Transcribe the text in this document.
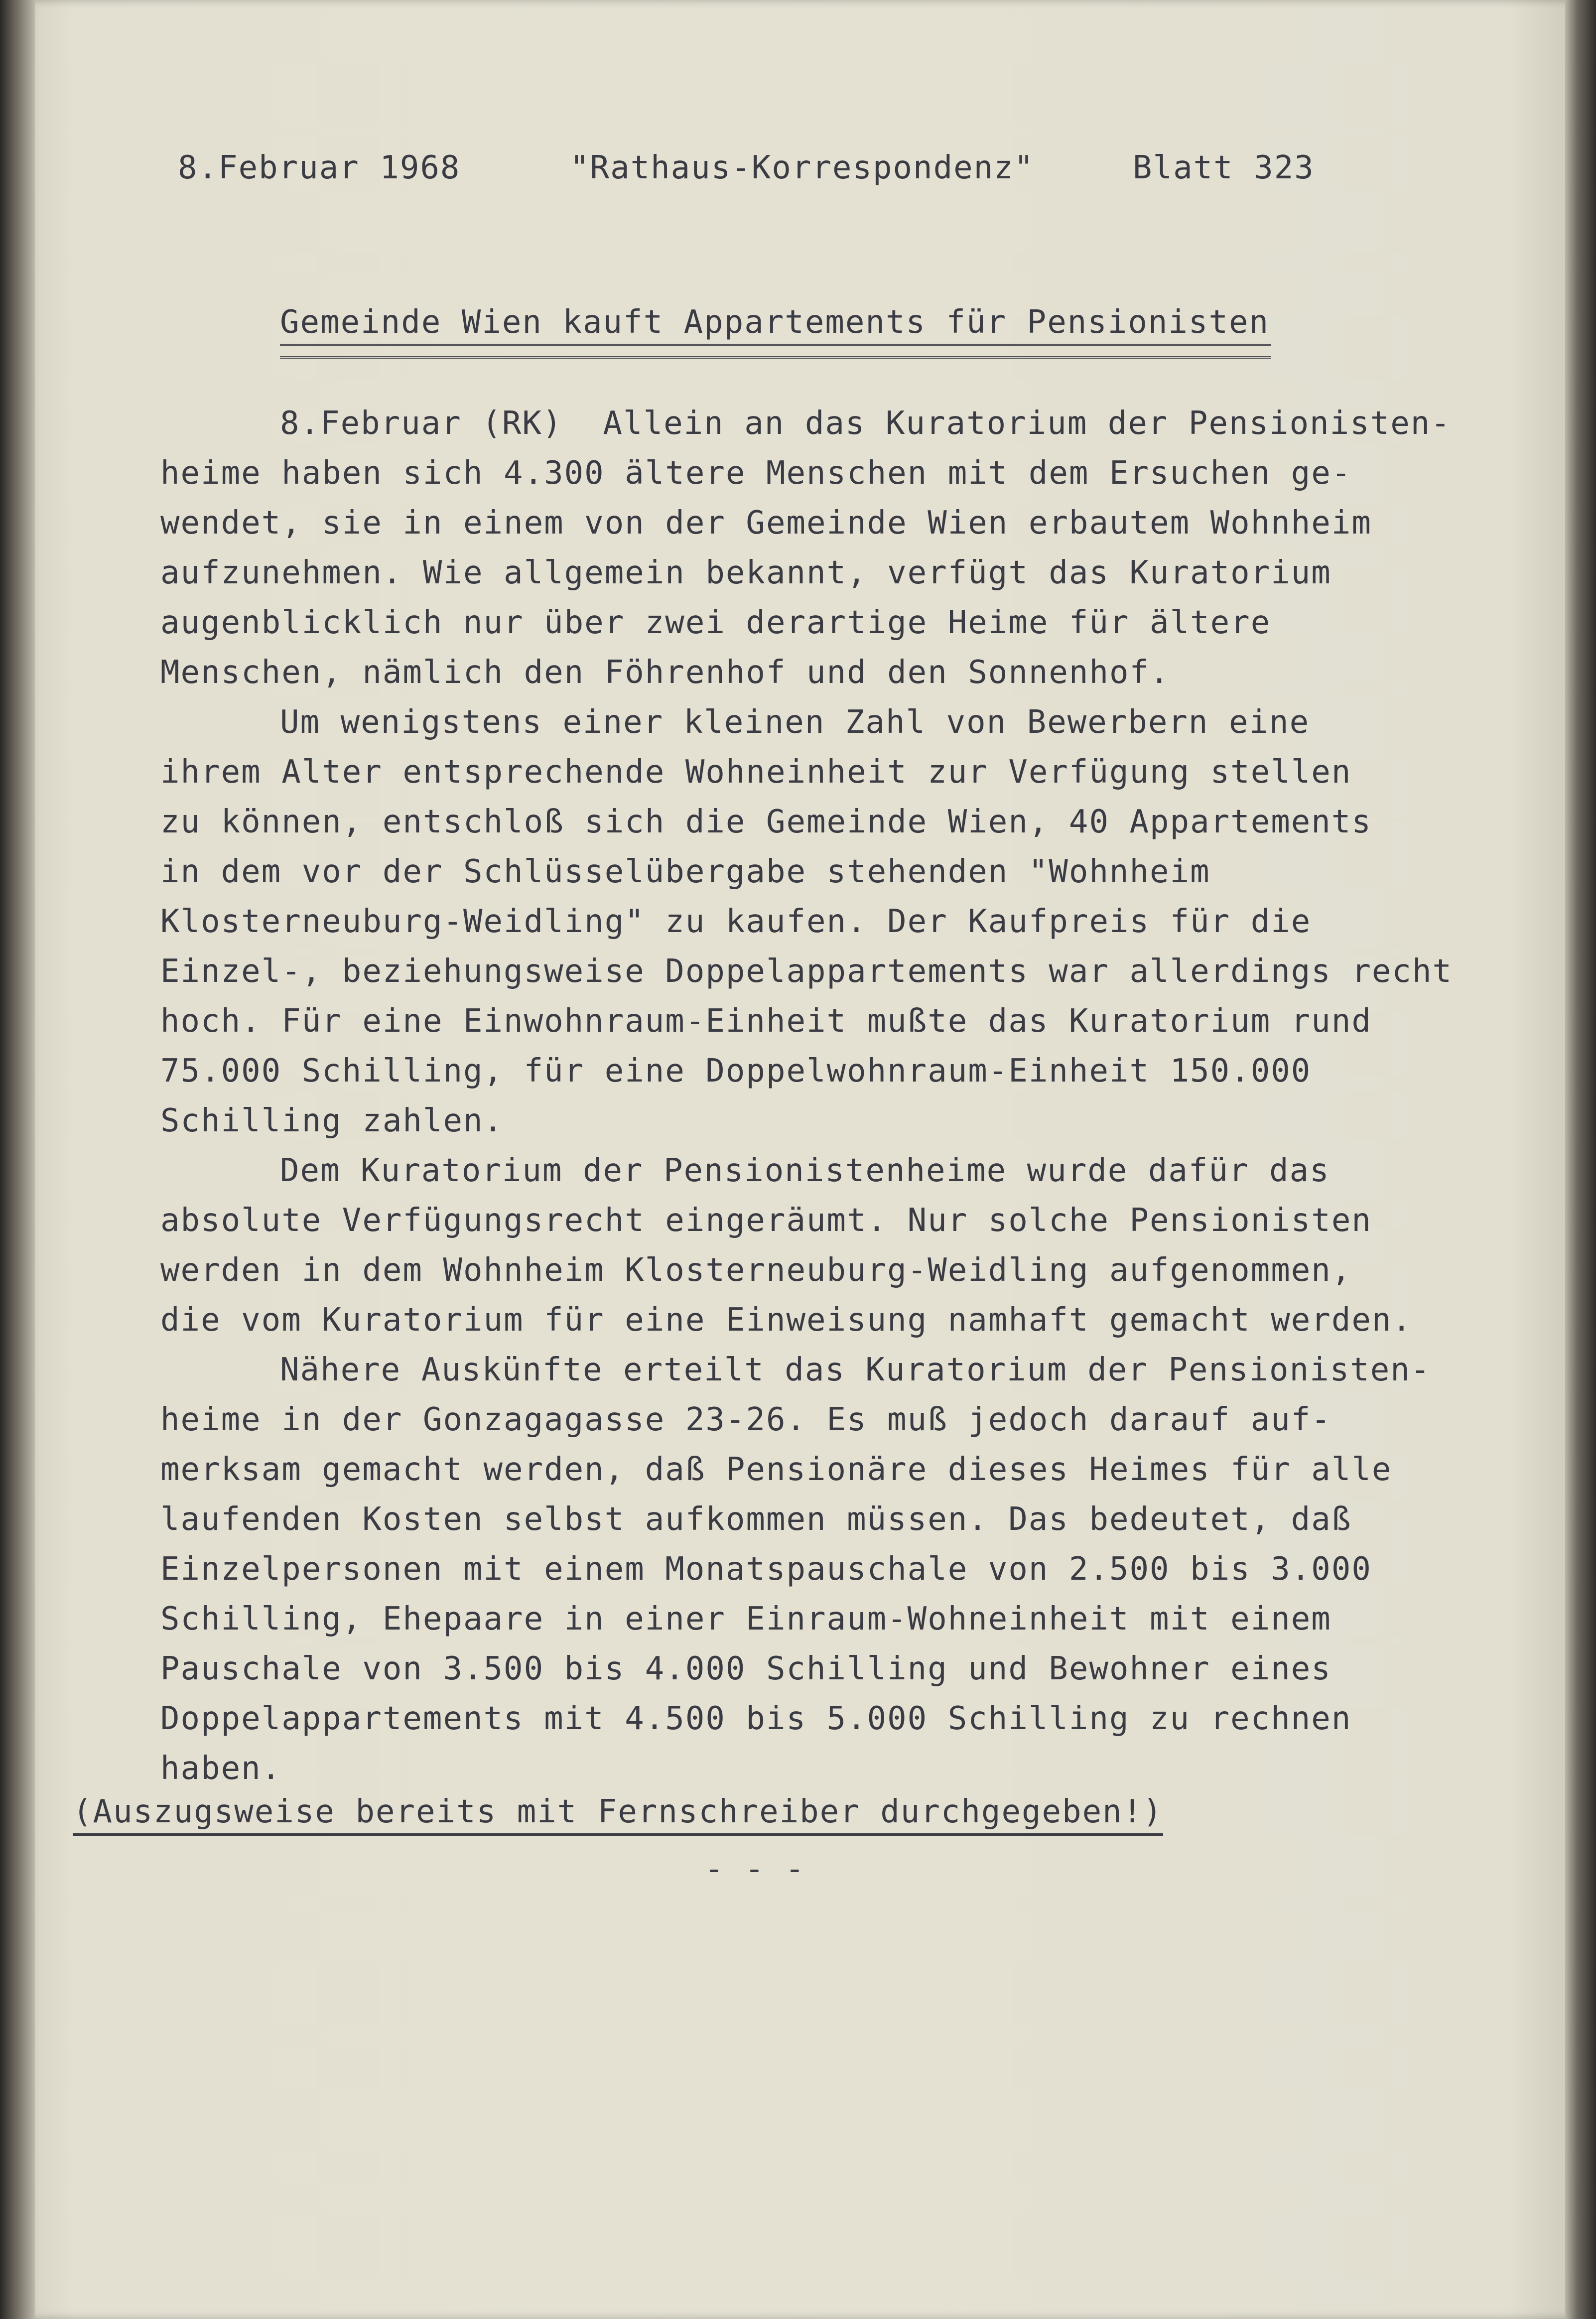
8.Februar 1968	"Rathaus-Korrespondenz"	Blatt 323
Gemeinde Wien kauft Appartements für Pensionisten
8.Februar (RK)  Allein an das Kuratorium der Pensionisten-
heime haben sich 4.300 ältere Menschen mit dem Ersuchen ge-
wendet, sie in einem von der Gemeinde Wien erbautem Wohnheim
aufzunehmen. Wie allgemein bekannt, verfügt das Kuratorium
augenblicklich nur über zwei derartige Heime für ältere
Menschen, nämlich den Föhrenhof und den Sonnenhof.
Um wenigstens einer kleinen Zahl von Bewerbern eine
ihrem Alter entsprechende Wohneinheit zur Verfügung stellen
zu können, entschloß sich die Gemeinde Wien, 40 Appartements
in dem vor der Schlüsselübergabe stehenden "Wohnheim
Klosterneuburg-Weidling" zu kaufen. Der Kaufpreis für die
Einzel-, beziehungsweise Doppelappartements war allerdings recht
hoch. Für eine Einwohnraum-Einheit mußte das Kuratorium rund
75.000 Schilling, für eine Doppelwohnraum-Einheit 150.000
Schilling zahlen.
Dem Kuratorium der Pensionistenheime wurde dafür das
absolute Verfügungsrecht eingeräumt. Nur solche Pensionisten
werden in dem Wohnheim Klosterneuburg-Weidling aufgenommen,
die vom Kuratorium für eine Einweisung namhaft gemacht werden.
Nähere Auskünfte erteilt das Kuratorium der Pensionisten-
heime in der Gonzagagasse 23-26. Es muß jedoch darauf auf-
merksam gemacht werden, daß Pensionäre dieses Heimes für alle
laufenden Kosten selbst aufkommen müssen. Das bedeutet, daß
Einzelpersonen mit einem Monatspauschale von 2.500 bis 3.000
Schilling, Ehepaare in einer Einraum-Wohneinheit mit einem
Pauschale von 3.500 bis 4.000 Schilling und Bewohner eines
Doppelappartements mit 4.500 bis 5.000 Schilling zu rechnen
haben.
(Auszugsweise bereits mit Fernschreiber durchgegeben!)
- - -
